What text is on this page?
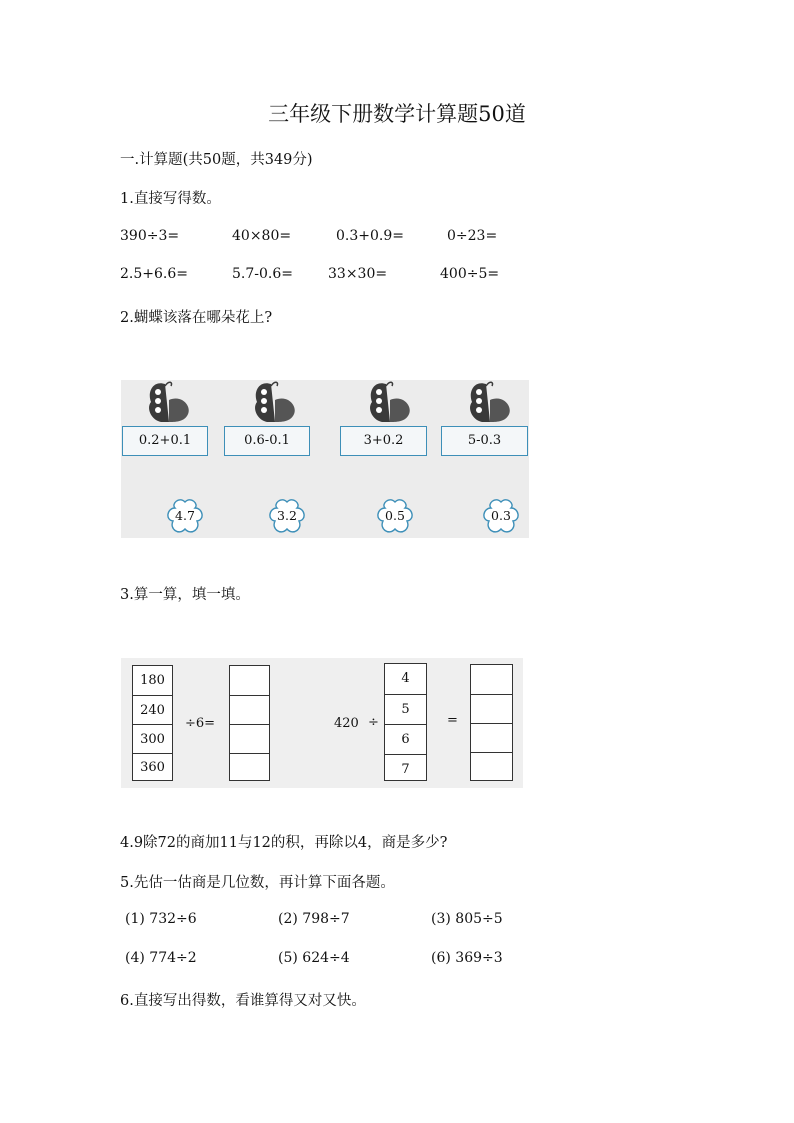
三年级下册数学计算题50道
一.计算题(共50题，共349分)
1.直接写得数。
390÷3=	40×80=	0.3+0.9=	0÷23=
2.5+6.6=	5.7-0.6=	33×30=	400÷5=
2.蝴蝶该落在哪朵花上?
0.2+0.1	0.6-0.1	3+0.2	5-0.3
4.7	3.2	0.5	0.3
3.算一算，填一填。
180
240
300
360
÷6=	420 ÷
4
5
6
7
=
4.9除72的商加11与12的积，再除以4，商是多少?
5.先估一估商是几位数，再计算下面各题。
(1) 732÷6	(2) 798÷7	(3) 805÷5
(4) 774÷2	(5) 624÷4	(6) 369÷3
6.直接写出得数，看谁算得又对又快。
